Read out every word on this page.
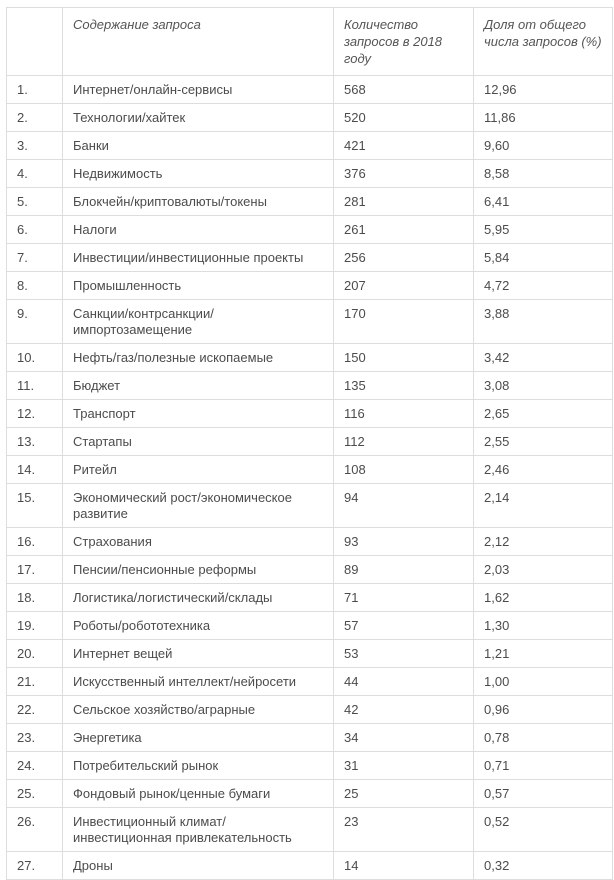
	Содержание запроса	Количество запросов в 2018 году	Доля от общего числа запросов (%)
1.	Интернет/онлайн-сервисы	568	12,96
2.	Технологии/хайтек	520	11,86
3.	Банки	421	9,60
4.	Недвижимость	376	8,58
5.	Блокчейн/криптовалюты/токены	281	6,41
6.	Налоги	261	5,95
7.	Инвестиции/инвестиционные проекты	256	5,84
8.	Промышленность	207	4,72
9.	Санкции/контрсанкции/импортозамещение	170	3,88
10.	Нефть/газ/полезные ископаемые	150	3,42
11.	Бюджет	135	3,08
12.	Транспорт	116	2,65
13.	Стартапы	112	2,55
14.	Ритейл	108	2,46
15.	Экономический рост/экономическое развитие	94	2,14
16.	Страхования	93	2,12
17.	Пенсии/пенсионные реформы	89	2,03
18.	Логистика/логистический/склады	71	1,62
19.	Роботы/робототехника	57	1,30
20.	Интернет вещей	53	1,21
21.	Искусственный интеллект/нейросети	44	1,00
22.	Сельское хозяйство/аграрные	42	0,96
23.	Энергетика	34	0,78
24.	Потребительский рынок	31	0,71
25.	Фондовый рынок/ценные бумаги	25	0,57
26.	Инвестиционный климат/инвестиционная привлекательность	23	0,52
27.	Дроны	14	0,32
